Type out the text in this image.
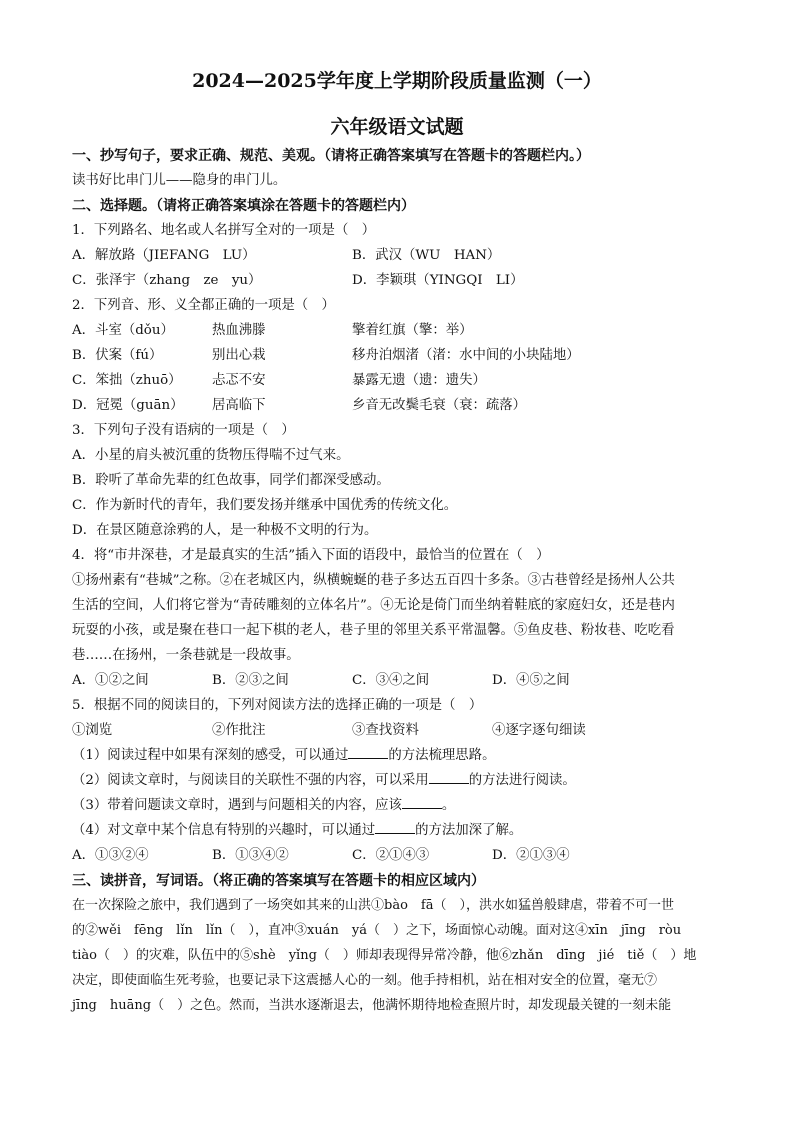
2024—2025学年度上学期阶段质量监测（一）
六年级语文试题
一、抄写句子，要求正确、规范、美观。（请将正确答案填写在答题卡的答题栏内。）
读书好比串门儿——隐身的串门儿。
二、选择题。（请将正确答案填涂在答题卡的答题栏内）
1．下列路名、地名或人名拼写全对的一项是（　）
A．解放路（JIEFANG　LU）	B．武汉（WU　HAN）
C．张泽宇（zhang　ze　yu）	D．李颖琪（YINGQI　LI）
2．下列音、形、义全都正确的一项是（　）
A．斗室（dǒu）	热血沸滕	擎着红旗（擎：举）
B．伏案（fú）	别出心栽	移舟泊烟渚（渚：水中间的小块陆地）
C．笨拙（zhuō） 忐忑不安	暴露无遗（遗：遗失）
D．冠冕（guān） 居高临下	乡音无改鬓毛衰（衰：疏落）
3．下列句子没有语病的一项是（　）
A．小星的肩头被沉重的货物压得喘不过气来。
B．聆听了革命先辈的红色故事，同学们都深受感动。
C．作为新时代的青年，我们要发扬并继承中国优秀的传统文化。
D．在景区随意涂鸦的人，是一种极不文明的行为。
4．将“市井深巷，才是最真实的生活”插入下面的语段中，最恰当的位置在（　）
①扬州素有“巷城”之称。②在老城区内，纵横蜿蜒的巷子多达五百四十多条。③古巷曾经是扬州人公共
生活的空间，人们将它誉为“青砖雕刻的立体名片”。④无论是倚门而坐纳着鞋底的家庭妇女，还是巷内
玩耍的小孩，或是聚在巷口一起下棋的老人，巷子里的邻里关系平常温馨。⑤鱼皮巷、粉妆巷、吃吃看
巷……在扬州，一条巷就是一段故事。
A．①②之间	B．②③之间	C．③④之间	D．④⑤之间
5．根据不同的阅读目的，下列对阅读方法的选择正确的一项是（　）
①浏览	②作批注	③查找资料	④逐字逐句细读
（1）阅读过程中如果有深刻的感受，可以通过	的方法梳理思路。
（2）阅读文章时，与阅读目的关联性不强的内容，可以采用	的方法进行阅读。
（3）带着问题读文章时，遇到与问题相关的内容，应该	。
（4）对文章中某个信息有特别的兴趣时，可以通过	的方法加深了解。
A．①③②④	B．①③④②	C．②①④③	D．②①③④
三、读拼音，写词语。（将正确的答案填写在答题卡的相应区域内）
在一次探险之旅中，我们遇到了一场突如其来的山洪①bào　fā（　），洪水如猛兽般肆虐，带着不可一世
的②wěi　fēng　lǐn　lǐn（　），直冲③xuán　yá（　）之下，场面惊心动魄。面对这④xīn　jīng　ròu
tiào（　）的灾难，队伍中的⑤shè　yǐng（　）师却表现得异常冷静，他⑥zhǎn　dīng　jié　tiě（　）地
决定，即使面临生死考验，也要记录下这震撼人心的一刻。他手持相机，站在相对安全的位置，毫无⑦
jīng　huāng（　）之色。然而，当洪水逐渐退去，他满怀期待地检查照片时，却发现最关键的一刻未能
